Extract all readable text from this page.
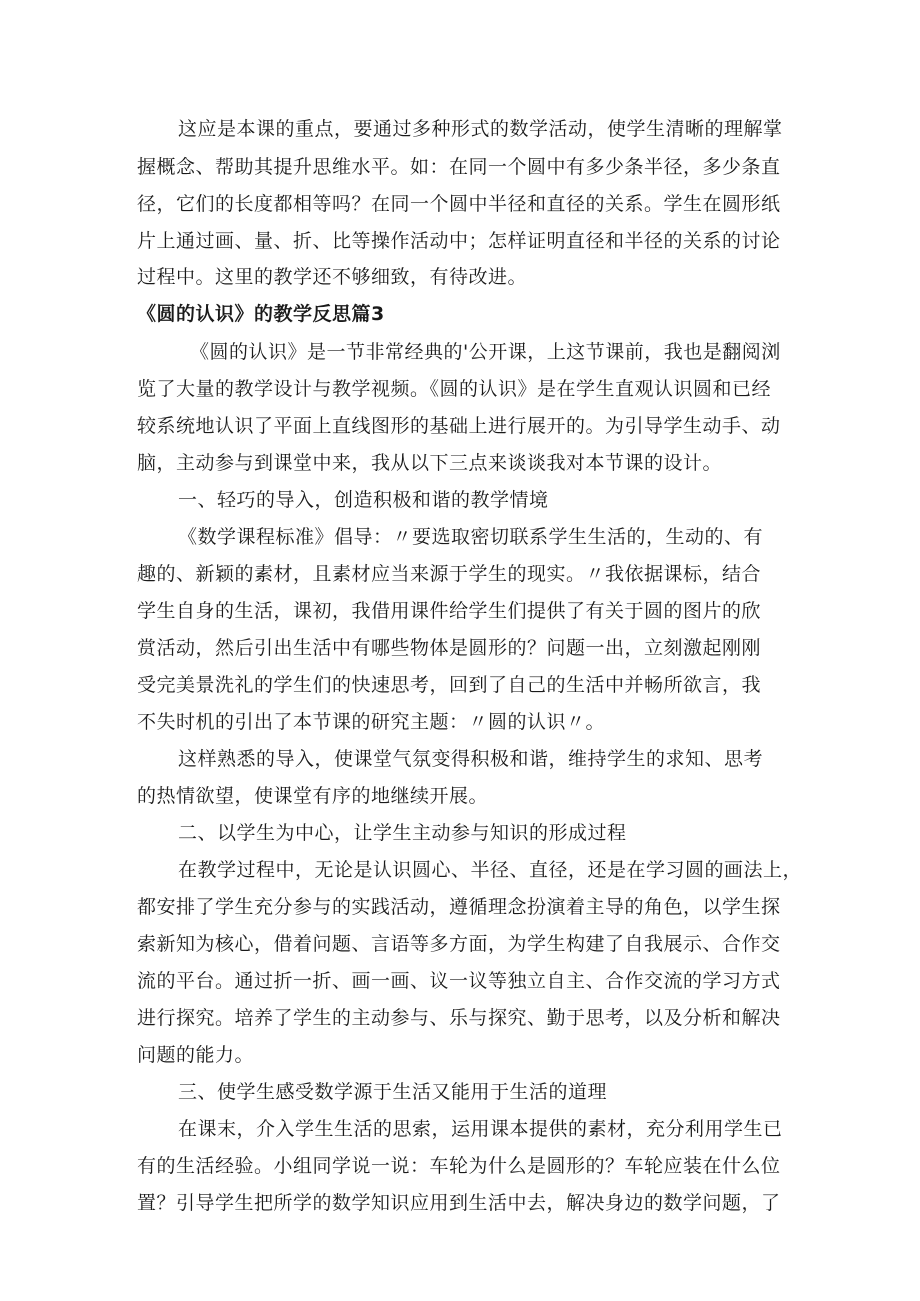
这应是本课的重点，要通过多种形式的数学活动，使学生清晰的理解掌
握概念、帮助其提升思维水平。如：在同一个圆中有多少条半径，多少条直
径，它们的长度都相等吗？在同一个圆中半径和直径的关系。学生在圆形纸
片上通过画、量、折、比等操作活动中；怎样证明直径和半径的关系的讨论
过程中。这里的教学还不够细致，有待改进。
《圆的认识》的教学反思篇3
《圆的认识》是一节非常经典的'公开课，上这节课前，我也是翻阅浏
览了大量的教学设计与教学视频。《圆的认识》是在学生直观认识圆和已经
较系统地认识了平面上直线图形的基础上进行展开的。为引导学生动手、动
脑，主动参与到课堂中来，我从以下三点来谈谈我对本节课的设计。
一、轻巧的导入，创造积极和谐的教学情境
《数学课程标准》倡导：〃要选取密切联系学生生活的，生动的、有
趣的、新颖的素材，且素材应当来源于学生的现实。〃我依据课标，结合
学生自身的生活，课初，我借用课件给学生们提供了有关于圆的图片的欣
赏活动，然后引出生活中有哪些物体是圆形的？问题一出，立刻激起刚刚
受完美景洗礼的学生们的快速思考，回到了自己的生活中并畅所欲言，我
不失时机的引出了本节课的研究主题：〃圆的认识〃。
这样熟悉的导入，使课堂气氛变得积极和谐，维持学生的求知、思考
的热情欲望，使课堂有序的地继续开展。
二、以学生为中心，让学生主动参与知识的形成过程
在教学过程中，无论是认识圆心、半径、直径，还是在学习圆的画法上，
都安排了学生充分参与的实践活动，遵循理念扮演着主导的角色，以学生探
索新知为核心，借着问题、言语等多方面，为学生构建了自我展示、合作交
流的平台。通过折一折、画一画、议一议等独立自主、合作交流的学习方式
进行探究。培养了学生的主动参与、乐与探究、勤于思考，以及分析和解决
问题的能力。
三、使学生感受数学源于生活又能用于生活的道理
在课末，介入学生生活的思索，运用课本提供的素材，充分利用学生已
有的生活经验。小组同学说一说：车轮为什么是圆形的？车轮应装在什么位
置？引导学生把所学的数学知识应用到生活中去，解决身边的数学问题，了
